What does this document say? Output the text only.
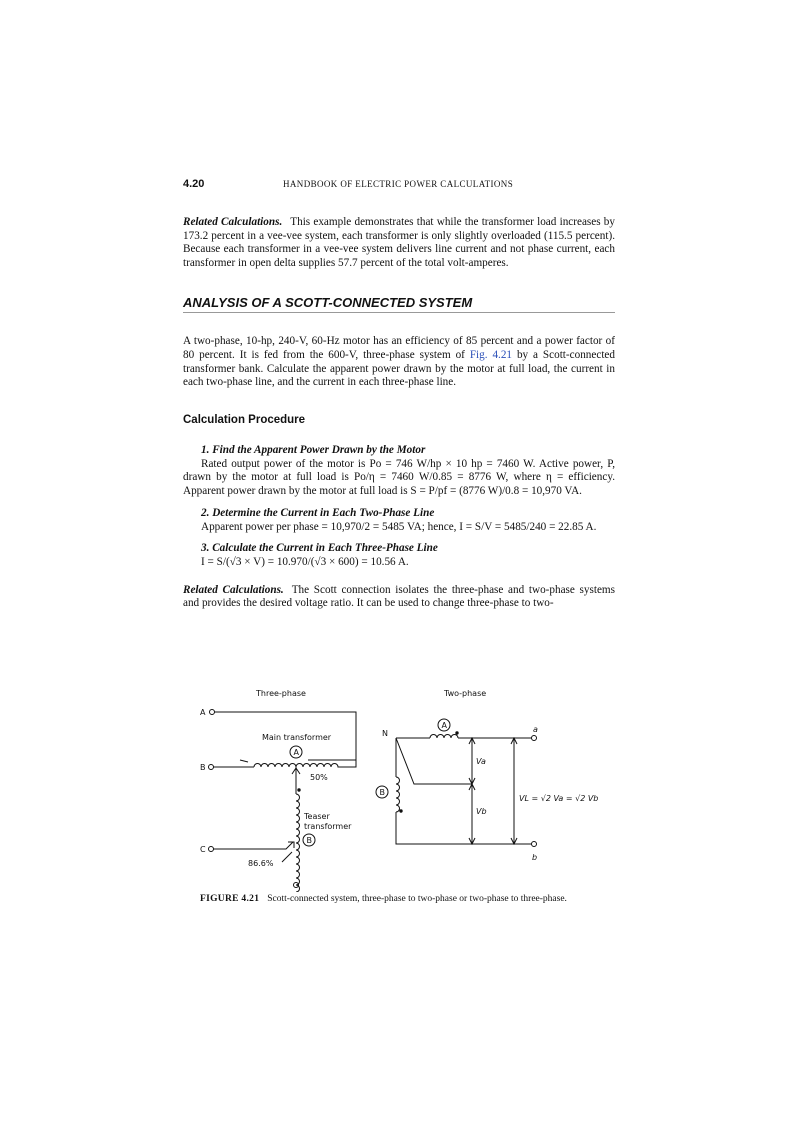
4.20	HANDBOOK OF ELECTRIC POWER CALCULATIONS

Related Calculations. This example demonstrates that while the transformer load increases by 173.2 percent in a vee-vee system, each transformer is only slightly overloaded (115.5 percent). Because each transformer in a vee-vee system delivers line current and not phase current, each transformer in open delta supplies 57.7 percent of the total volt-amperes.

ANALYSIS OF A SCOTT-CONNECTED SYSTEM

A two-phase, 10-hp, 240-V, 60-Hz motor has an efficiency of 85 percent and a power factor of 80 percent. It is fed from the 600-V, three-phase system of Fig. 4.21 by a Scott-connected transformer bank. Calculate the apparent power drawn by the motor at full load, the current in each two-phase line, and the current in each three-phase line.

Calculation Procedure
1. Find the Apparent Power Drawn by the Motor

Rated output power of the motor is Po = 746 W/hp × 10 hp = 7460 W. Active power, P, drawn by the motor at full load is Po/η = 7460 W/0.85 = 8776 W, where η = efficiency. Apparent power drawn by the motor at full load is S = P/pf = (8776 W)/0.8 = 10,970 VA.

2. Determine the Current in Each Two-Phase Line

Apparent power per phase = 10,970/2 = 5485 VA; hence, I = S/V = 5485/240 = 22.85 A.

3. Calculate the Current in Each Three-Phase Line

I = S/(√3 × V) = 10.970/(√3 × 600) = 10.56 A.

Related Calculations. The Scott connection isolates the three-phase and two-phase systems and provides the desired voltage ratio. It can be used to change three-phase to two-

Three-phase	Two-phase
A
Main transformer
A
B
50%
Teaser
transformer
B
C
86.6%
N
A	a
B
b
Va
Vb
VL = √2 Va = √2 Vb
FIGURE 4.21 Scott-connected system, three-phase to two-phase or two-phase to three-phase.
